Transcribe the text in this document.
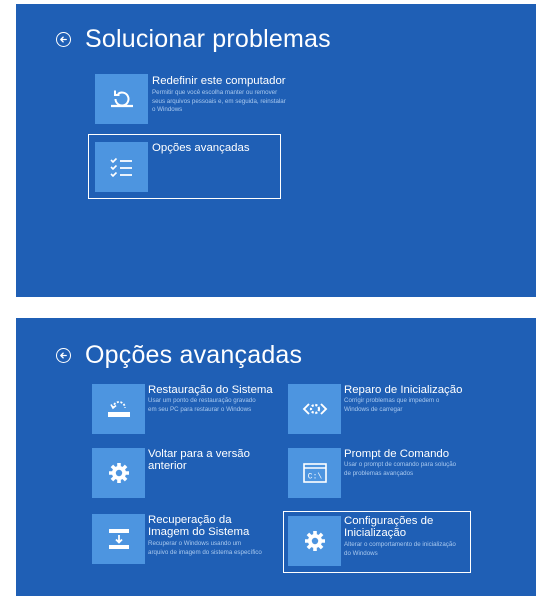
Solucionar problemas
Redefinir este computador
Permitir que você escolha manter ou remover seus arquivos pessoais e, em seguida, reinstalar o Windows
Opções avançadas
Opções avançadas
Restauração do Sistema
Usar um ponto de restauração gravado em seu PC para restaurar o Windows
Reparo de Inicialização
Corrigir problemas que impedem o Windows de carregar
Voltar para a versão anterior
C:\
Prompt de Comando
Usar o prompt de comando para solução de problemas avançados
Recuperação da Imagem do Sistema
Recuperar o Windows usando um arquivo de imagem do sistema específico
Configurações de Inicialização
Alterar o comportamento de inicialização do Windows
